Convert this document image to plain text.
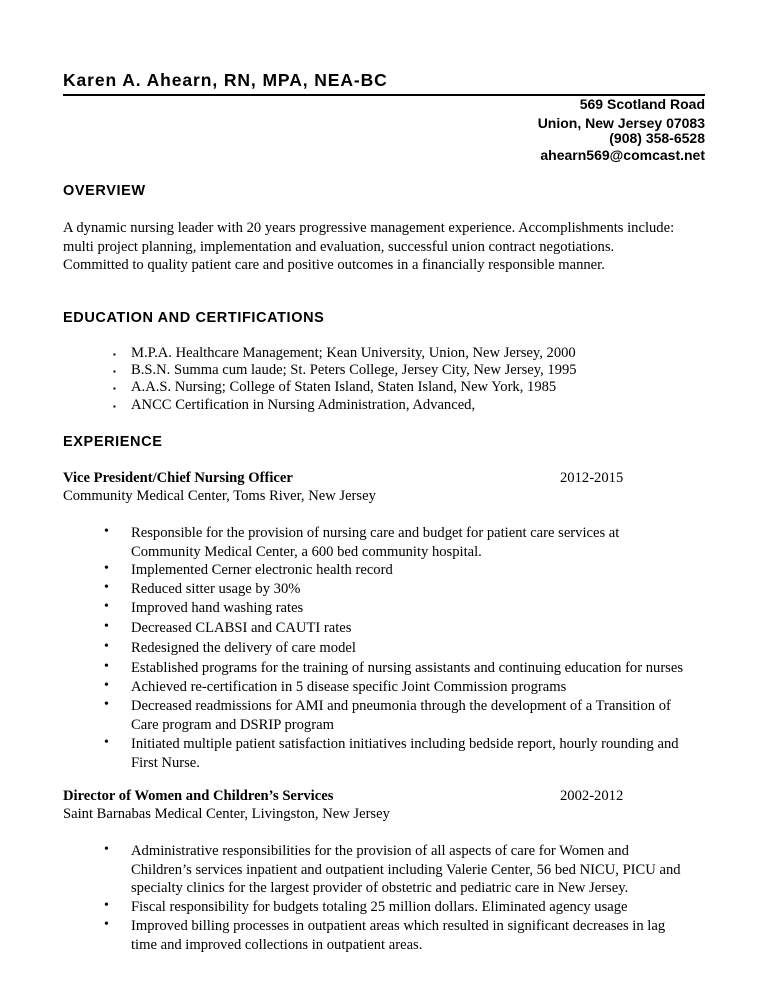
Karen A. Ahearn, RN, MPA, NEA-BC
569 Scotland Road
Union, New Jersey 07083
(908) 358-6528
ahearn569@comcast.net
OVERVIEW
A dynamic nursing leader with 20 years progressive management experience. Accomplishments include:
multi project planning, implementation and evaluation, successful union contract negotiations.
Committed to quality patient care and positive outcomes in a financially responsible manner.
EDUCATION AND CERTIFICATIONS
▪ M.P.A. Healthcare Management; Kean University, Union, New Jersey, 2000
▪ B.S.N. Summa cum laude; St. Peters College, Jersey City, New Jersey, 1995
▪ A.A.S. Nursing; College of Staten Island, Staten Island, New York, 1985
▪ ANCC Certification in Nursing Administration, Advanced,
EXPERIENCE
Vice President/Chief Nursing Officer	2012-2015
Community Medical Center, Toms River, New Jersey
• Responsible for the provision of nursing care and budget for patient care services at
Community Medical Center, a 600 bed community hospital.
• Implemented Cerner electronic health record
• Reduced sitter usage by 30%
• Improved hand washing rates
• Decreased CLABSI and CAUTI rates
• Redesigned the delivery of care model
• Established programs for the training of nursing assistants and continuing education for nurses
• Achieved re-certification in 5 disease specific Joint Commission programs
• Decreased readmissions for AMI and pneumonia through the development of a Transition of
Care program and DSRIP program
• Initiated multiple patient satisfaction initiatives including bedside report, hourly rounding and
First Nurse.
Director of Women and Children’s Services	2002-2012
Saint Barnabas Medical Center, Livingston, New Jersey
• Administrative responsibilities for the provision of all aspects of care for Women and
Children’s services inpatient and outpatient including Valerie Center, 56 bed NICU, PICU and
specialty clinics for the largest provider of obstetric and pediatric care in New Jersey.
• Fiscal responsibility for budgets totaling 25 million dollars. Eliminated agency usage
• Improved billing processes in outpatient areas which resulted in significant decreases in lag
time and improved collections in outpatient areas.
